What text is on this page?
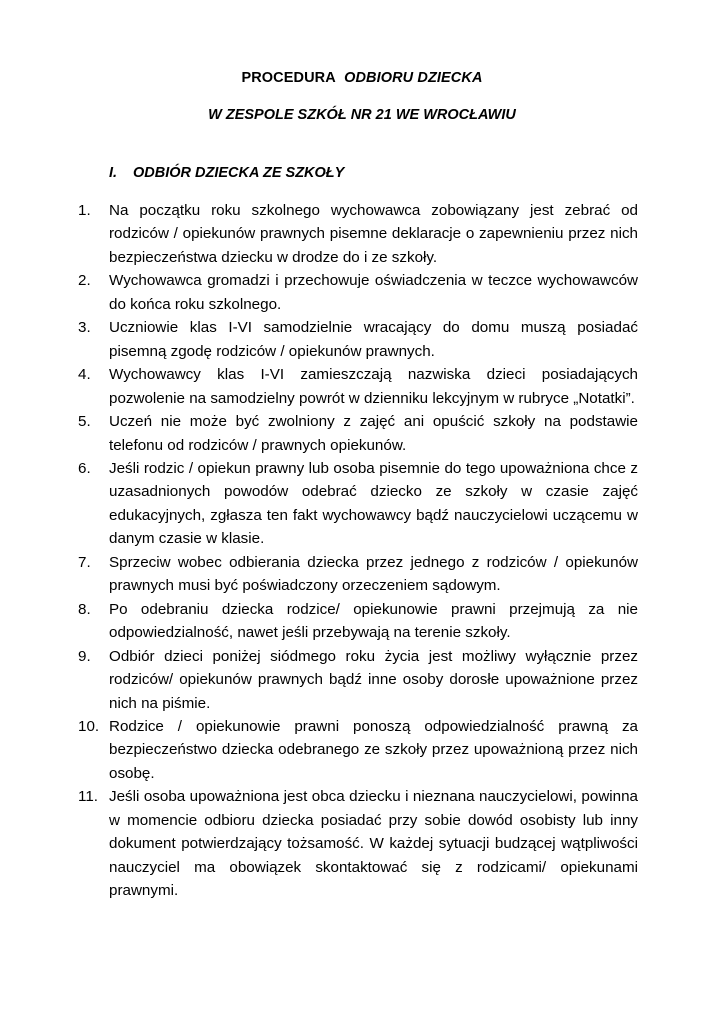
PROCEDURA ODBIORU DZIECKA
W ZESPOLE SZKÓŁ NR 21 WE WROCŁAWIU
I. ODBIÓR DZIECKA ZE SZKOŁY
1.	Na początku roku szkolnego wychowawca zobowiązany jest zebrać od rodziców / opiekunów prawnych pisemne deklaracje o zapewnieniu przez nich bezpieczeństwa dziecku w drodze do i ze szkoły.
2.	Wychowawca gromadzi i przechowuje oświadczenia w teczce wychowawców do końca roku szkolnego.
3.	Uczniowie klas I-VI samodzielnie wracający do domu muszą posiadać pisemną zgodę rodziców / opiekunów prawnych.
4.	Wychowawcy klas I-VI zamieszczają nazwiska dzieci posiadających pozwolenie na samodzielny powrót w dzienniku lekcyjnym w rubryce „Notatki”.
5.	Uczeń nie może być zwolniony z zajęć ani opuścić szkoły na podstawie telefonu od rodziców / prawnych opiekunów.
6.	Jeśli rodzic / opiekun prawny lub osoba pisemnie do tego upoważniona chce z uzasadnionych powodów odebrać dziecko ze szkoły w czasie zajęć edukacyjnych, zgłasza ten fakt wychowawcy bądź nauczycielowi uczącemu w danym czasie w klasie.
7.	Sprzeciw wobec odbierania dziecka przez jednego z rodziców / opiekunów prawnych musi być poświadczony orzeczeniem sądowym.
8.	Po odebraniu dziecka rodzice/ opiekunowie prawni przejmują za nie odpowiedzialność, nawet jeśli przebywają na terenie szkoły.
9.	Odbiór dzieci poniżej siódmego roku życia jest możliwy wyłącznie przez rodziców/ opiekunów prawnych bądź inne osoby dorosłe upoważnione przez nich na piśmie.
10. Rodzice / opiekunowie prawni ponoszą odpowiedzialność prawną za bezpieczeństwo dziecka odebranego ze szkoły przez upoważnioną przez nich osobę.
11. Jeśli osoba upoważniona jest obca dziecku i nieznana nauczycielowi, powinna w momencie odbioru dziecka posiadać przy sobie dowód osobisty lub inny dokument potwierdzający tożsamość. W każdej sytuacji budzącej wątpliwości nauczyciel ma obowiązek skontaktować się z rodzicami/ opiekunami prawnymi.
